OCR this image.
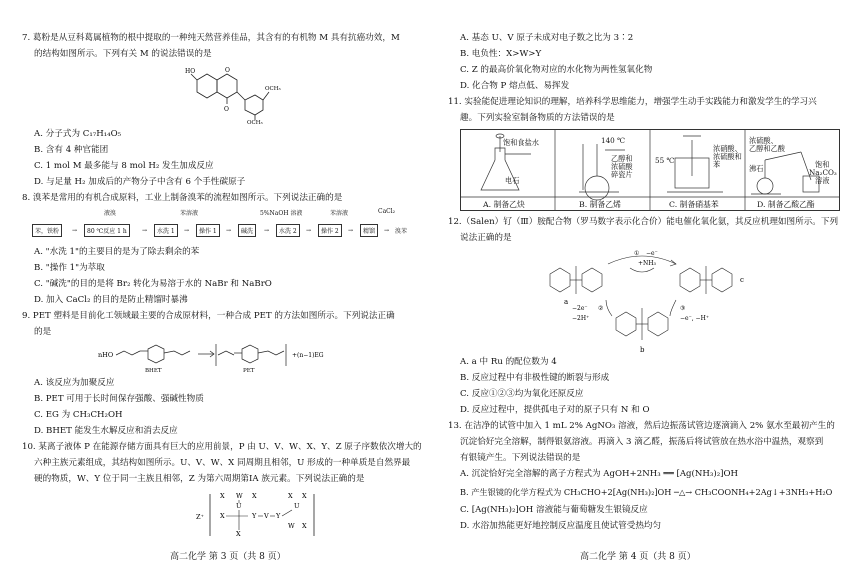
7. 葛粉是从豆科葛属植物的根中提取的一种纯天然营养佳品，其含有的有机物 M 具有抗癌功效，M
的结构如图所示。下列有关 M 的说法错误的是
HO	O
O
OCH₃
OCH₃
A. 分子式为 C₁₇H₁₄O₅
B. 含有 4 种官能团
C. 1 mol M 最多能与 8 mol H₂ 发生加成反应
D. 与足量 H₂ 加成后的产物分子中含有 6 个手性碳原子
8. 溴苯是常用的有机合成原料，工业上制备溴苯的流程如图所示。下列说法正确的是
液溴	苯溶液	5%NaOH 溶液	苯溶液	CaCl₂
苯，铁粉	→	80 ℃反应 1 h	→	水洗 1	→	操作 1	→	碱洗	→	水洗 2	→	操作 2	→	精馏	→ 溴苯
A. "水洗 1"的主要目的是为了除去剩余的苯
B. "操作 1"为萃取
C. "碱洗"的目的是将 Br₂ 转化为易溶于水的 NaBr 和 NaBrO
D. 加入 CaCl₂ 的目的是防止精馏时暴沸
9. PET 塑料是目前化工领域最主要的合成原材料，一种合成 PET 的方法如图所示。下列说法正确
的是
nHO
BHET	PET
+(n−1)EG
A. 该反应为加聚反应
B. PET 可用于长时间保存强酸、强碱性物质
C. EG 为 CH₃CH₂OH
D. BHET 能发生水解反应和消去反应
10. 某离子液体 P 在能源存储方面具有巨大的应用前景，P 由 U、V、W、X、Y、Z 原子序数依次增大的
六种主族元素组成，其结构如图所示。U、V、W、X 同周期且相邻，U 形成的一种单质是自然界最
硬的物质，W、Y 位于同一主族且相邻，Z 为第六周期第ⅠA 族元素。下列说法正确的是
Z⁺
X W X
U
X	Y V Y
X X
W X
U
X
高二化学 第 3 页（共 8 页）
A. 基态 U、V 原子未成对电子数之比为 3∶2
B. 电负性：X>W>Y
C. Z 的最高价氧化物对应的水化物为两性氢氧化物
D. 化合物 P 熔点低、易挥发
11. 实验能促进理论知识的理解，培养科学思维能力，增强学生动手实践能力和激发学生的学习兴
趣。下列实验室制备物质的方法错误的是
饱和食盐水
电石
140 ℃
乙醇和
浓硫酸
碎瓷片
55 ℃
浓硝酸、
浓硫酸和
苯
浓硫酸、
乙醇和乙酸
沸石	饱和
Na₂CO₃
溶液
A. 制备乙炔	B. 制备乙烯	C. 制备硝基苯	D. 制备乙酸乙酯
12.（Salen）钌（Ⅲ）胺配合物（罗马数字表示化合价）能电催化氧化氨，其反应机理如图所示。下列
说法正确的是
① −e⁻
+NH₃
②	③
−e⁻, −H⁺
−2e⁻
−2H⁺
a
b
c
A. a 中 Ru 的配位数为 4
B. 反应过程中有非极性键的断裂与形成
C. 反应①②③均为氧化还原反应
D. 反应过程中，提供孤电子对的原子只有 N 和 O
13. 在洁净的试管中加入 1 mL 2% AgNO₃ 溶液，然后边振荡试管边逐滴滴入 2% 氨水至最初产生的
沉淀恰好完全溶解，制得银氨溶液。再滴入 3 滴乙醛，振荡后将试管放在热水浴中温热，观察到
有银镜产生。下列说法错误的是
A. 沉淀恰好完全溶解的离子方程式为 AgOH+2NH₃ ══ [Ag(NH₃)₂]OH
B. 产生银镜的化学方程式为 CH₃CHO+2[Ag(NH₃)₂]OH ─△→ CH₃COONH₄+2Ag↓+3NH₃+H₂O
C. [Ag(NH₃)₂]OH 溶液能与葡萄糖发生银镜反应
D. 水浴加热能更好地控制反应温度且使试管受热均匀
高二化学 第 4 页（共 8 页）
